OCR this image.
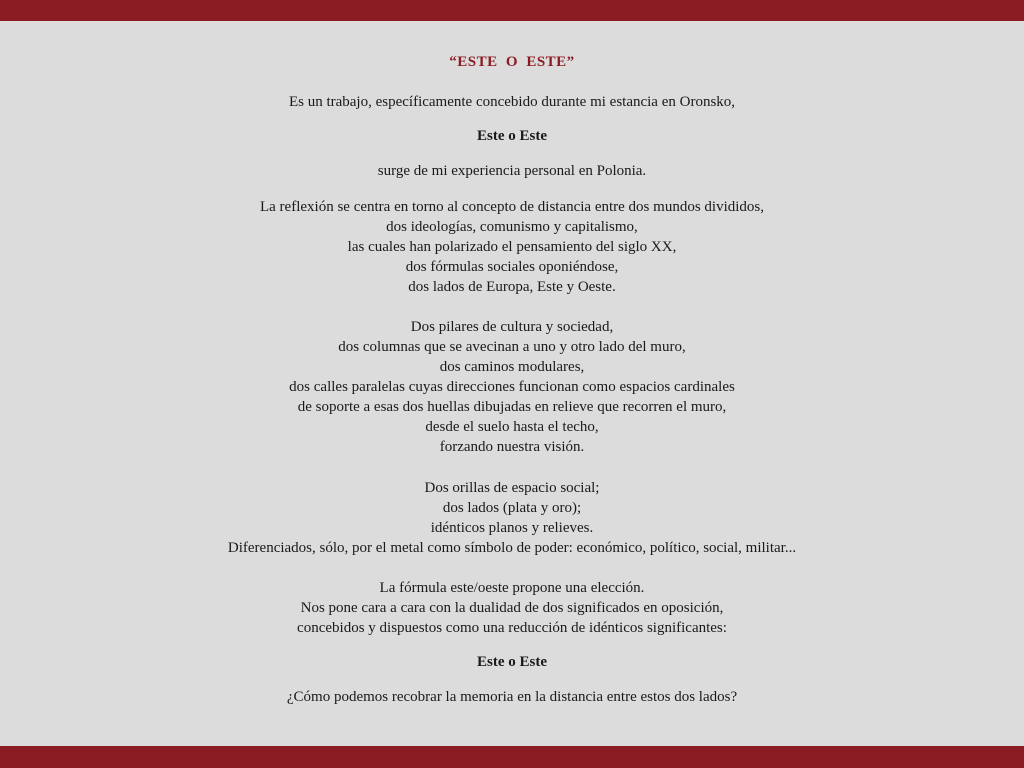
“ESTE O ESTE”
Es un trabajo, específicamente concebido durante mi estancia en Oronsko,
Este o Este
surge de mi experiencia personal en Polonia.
La reflexión se centra en torno al concepto de distancia entre dos mundos divididos,
dos ideologías, comunismo y capitalismo,
las cuales han polarizado el pensamiento del siglo XX,
dos fórmulas sociales oponiéndose,
dos lados de Europa, Este y Oeste.
Dos pilares de cultura y sociedad,
dos columnas que se avecinan a uno y otro lado del muro,
dos caminos modulares,
dos calles paralelas cuyas direcciones funcionan como espacios cardinales
de soporte a esas dos huellas dibujadas en relieve que recorren el muro,
desde el suelo hasta el techo,
forzando nuestra visión.
Dos orillas de espacio social;
dos lados (plata y oro);
idénticos planos y relieves.
Diferenciados, sólo, por el metal como símbolo de poder: económico, político, social, militar...
La fórmula este/oeste propone una elección.
Nos pone cara a cara con la dualidad de dos significados en oposición,
concebidos y dispuestos como una reducción de idénticos significantes:
Este o Este
¿Cómo podemos recobrar la memoria en la distancia entre estos dos lados?
